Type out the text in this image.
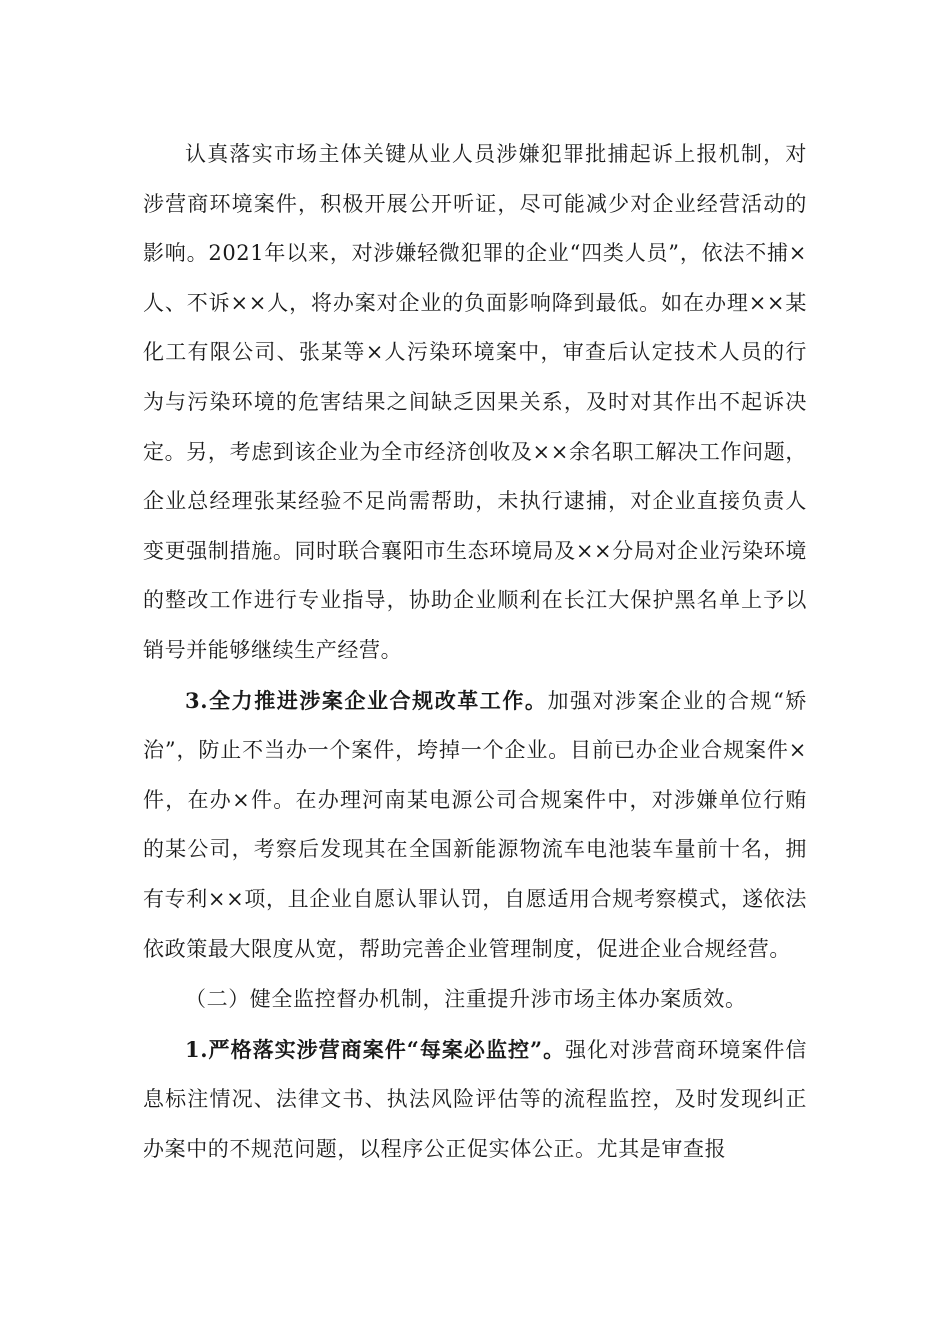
认真落实市场主体关键从业人员涉嫌犯罪批捕起诉上报机制，对涉营商环境案件，积极开展公开听证，尽可能减少对企业经营活动的影响。2021年以来，对涉嫌轻微犯罪的企业“四类人员”，依法不捕×人、不诉××人，将办案对企业的负面影响降到最低。如在办理××某化工有限公司、张某等×人污染环境案中，审查后认定技术人员的行为与污染环境的危害结果之间缺乏因果关系，及时对其作出不起诉决定。另，考虑到该企业为全市经济创收及××余名职工解决工作问题，企业总经理张某经验不足尚需帮助，未执行逮捕，对企业直接负责人变更强制措施。同时联合襄阳市生态环境局及××分局对企业污染环境的整改工作进行专业指导，协助企业顺利在长江大保护黑名单上予以销号并能够继续生产经营。

3.全力推进涉案企业合规改革工作。加强对涉案企业的合规“矫治”，防止不当办一个案件，垮掉一个企业。目前已办企业合规案件×件，在办×件。在办理河南某电源公司合规案件中，对涉嫌单位行贿的某公司，考察后发现其在全国新能源物流车电池装车量前十名，拥有专利××项，且企业自愿认罪认罚，自愿适用合规考察模式，遂依法依政策最大限度从宽，帮助完善企业管理制度，促进企业合规经营。

（二）健全监控督办机制，注重提升涉市场主体办案质效。

1.严格落实涉营商案件“每案必监控”。强化对涉营商环境案件信息标注情况、法律文书、执法风险评估等的流程监控，及时发现纠正办案中的不规范问题，以程序公正促实体公正。尤其是审查报
